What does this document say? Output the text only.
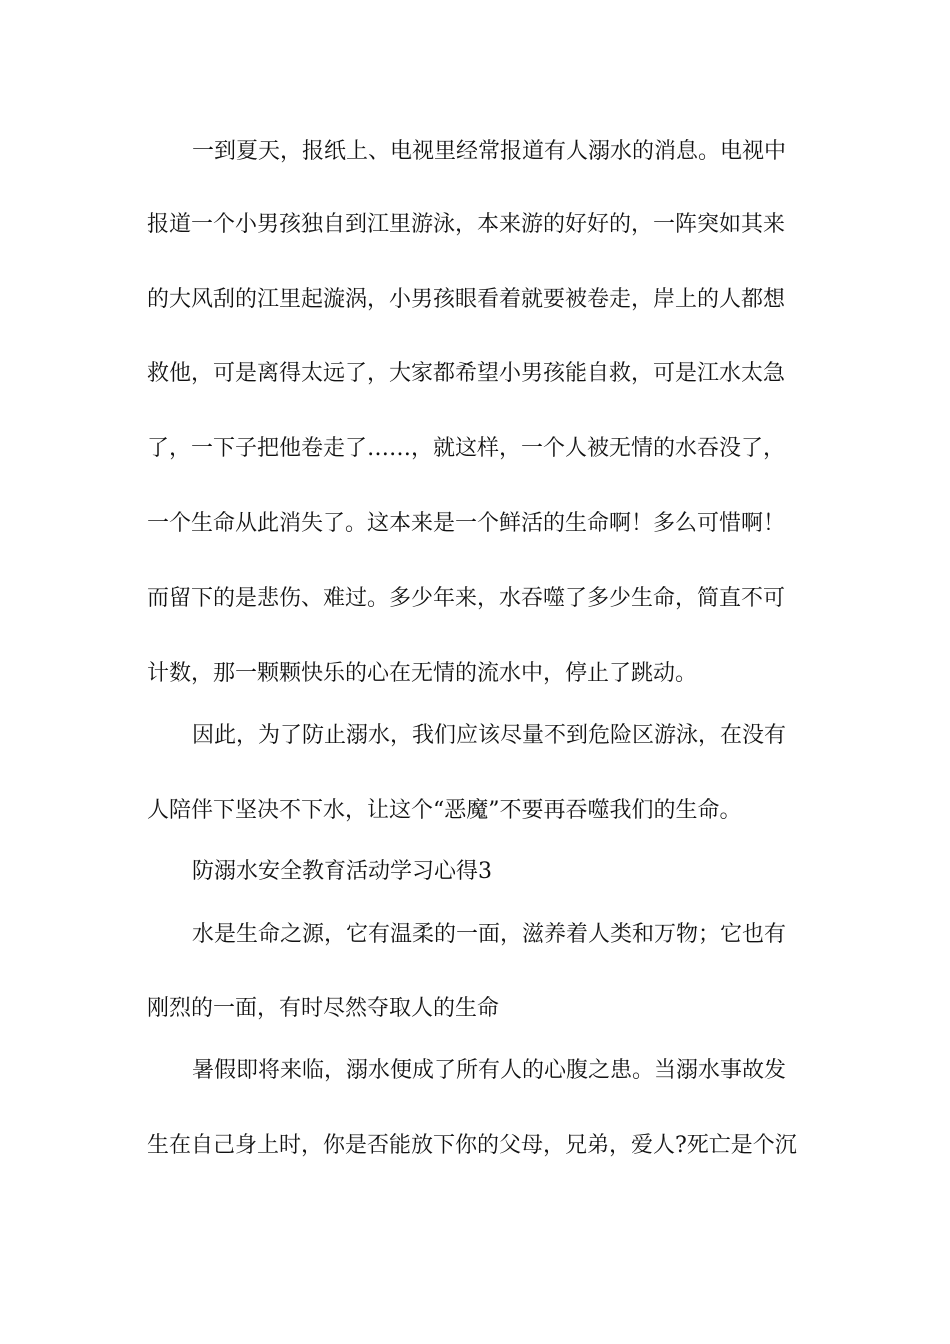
一到夏天，报纸上、电视里经常报道有人溺水的消息。电视中
报道一个小男孩独自到江里游泳，本来游的好好的，一阵突如其来
的大风刮的江里起漩涡，小男孩眼看着就要被卷走，岸上的人都想
救他，可是离得太远了，大家都希望小男孩能自救，可是江水太急
了，一下子把他卷走了……，就这样，一个人被无情的水吞没了，
一个生命从此消失了。这本来是一个鲜活的生命啊！多么可惜啊！
而留下的是悲伤、难过。多少年来，水吞噬了多少生命，简直不可
计数，那一颗颗快乐的心在无情的流水中，停止了跳动。
因此，为了防止溺水，我们应该尽量不到危险区游泳，在没有
人陪伴下坚决不下水，让这个“恶魔”不要再吞噬我们的生命。
防溺水安全教育活动学习心得3
水是生命之源，它有温柔的一面，滋养着人类和万物；它也有
刚烈的一面，有时尽然夺取人的生命
暑假即将来临，溺水便成了所有人的心腹之患。当溺水事故发
生在自己身上时，你是否能放下你的父母，兄弟，爱人?死亡是个沉
